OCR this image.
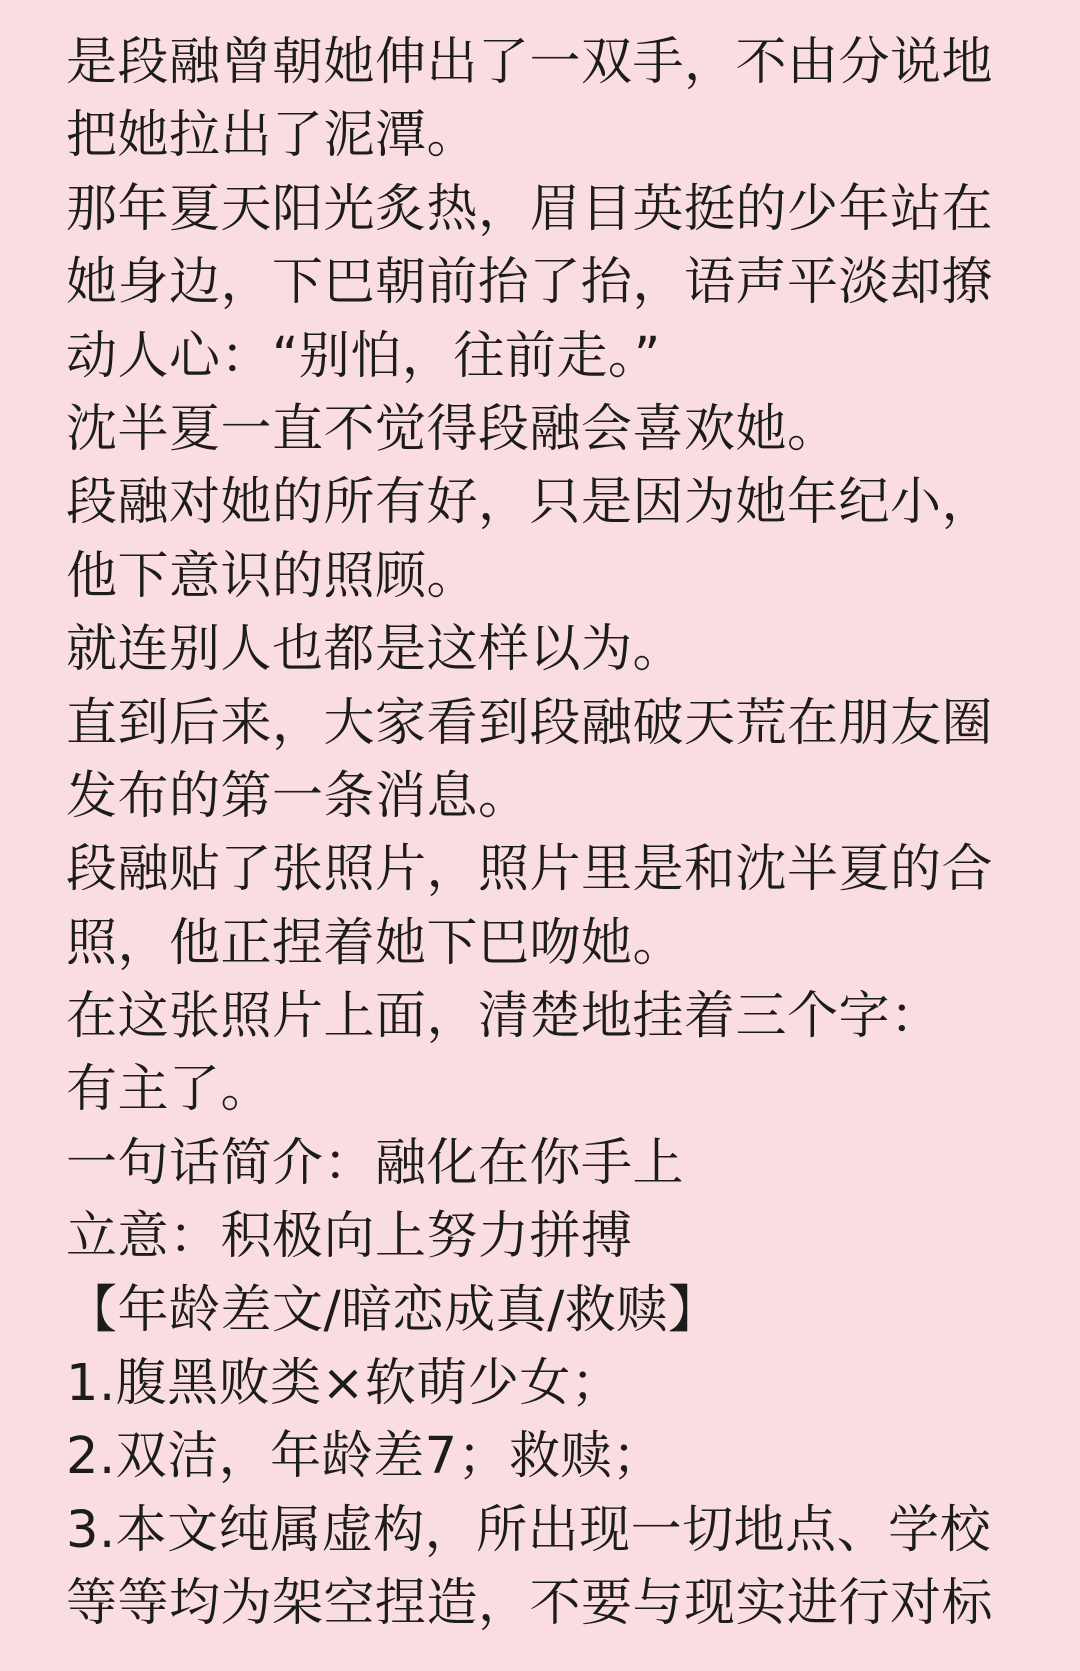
是段融曾朝她伸出了一双手，不由分说地
把她拉出了泥潭。
那年夏天阳光炙热，眉目英挺的少年站在
她身边，下巴朝前抬了抬，语声平淡却撩
动人心：“别怕，往前走。”
沈半夏一直不觉得段融会喜欢她。
段融对她的所有好，只是因为她年纪小，
他下意识的照顾。
就连别人也都是这样以为。
直到后来，大家看到段融破天荒在朋友圈
发布的第一条消息。
段融贴了张照片，照片里是和沈半夏的合
照，他正捏着她下巴吻她。
在这张照片上面，清楚地挂着三个字：
有主了。
一句话简介：融化在你手上
立意：积极向上努力拼搏
【年龄差文/暗恋成真/救赎】
1.腹黑败类×软萌少女；
2.双洁，年龄差7；救赎；
3.本文纯属虚构，所出现一切地点、学校
等等均为架空捏造，不要与现实进行对标
